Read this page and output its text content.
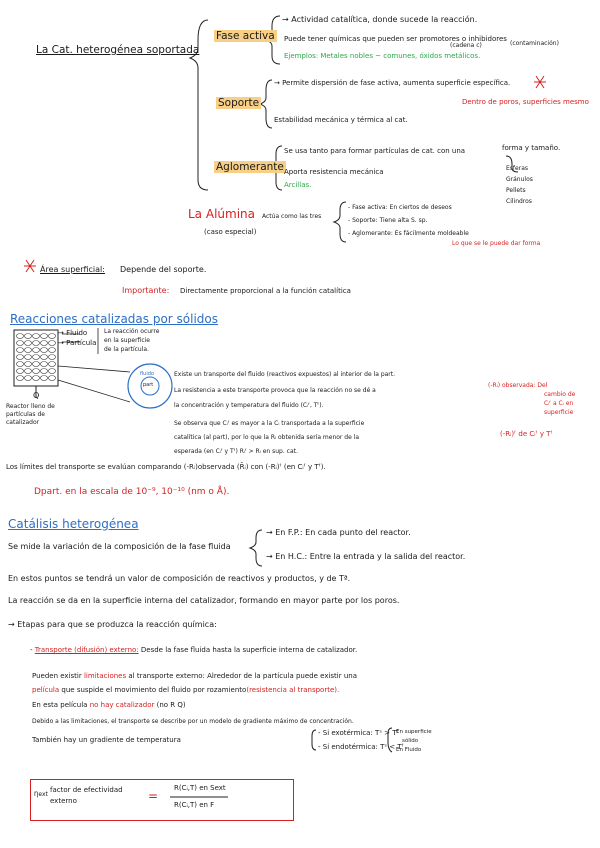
La Cat. heterogénea soportada
Fase activa
→ Actividad catalítica, donde sucede la reacción.
Puede tener químicas que pueden ser promotores o inhibidores
(cadena c)	(contaminación)
Ejemplos: Metales nobles ~ comunes, óxidos metálicos.
Soporte
→ Permite dispersión de fase activa, aumenta superficie específica.
Dentro de poros, superficies mesmo
Estabilidad mecánica y térmica al cat.
Aglomerante
Se usa tanto para formar partículas de cat. con una	forma y tamaño.
Aporta resistencia mecánica
Arcillas.
Esferas
Gránulos
Pellets
Cilindros
La Alúmina Actúa como las tres
(caso especial)
- Fase activa: En ciertos de deseos
- Soporte: Tiene alta S. sp.
- Aglomerante: Es fácilmente moldeable
Lo que se le puede dar forma
Área superficial: Depende del soporte.
Importante: Directamente proporcional a la función catalítica
Reacciones catalizadas por sólidos
→ Fluido
→ Partícula
La reacción ocurre
en la superficie
de la partícula.
Q
Reactor lleno de
partículas de
catalizador
fluido
part
Existe un transporte del fluido (reactivos expuestos) al interior de la part.
La resistencia a este transporte provoca que la reacción no se dé a
la concentración y temperatura del fluido (Cᵢᶠ, Tᶠ).
Se observa que Cᵢᶠ es mayor a la Cᵢ transportada a la superficie
catalítica (al part), por lo que la Rᵢ obtenida sería menor de la
esperada (en Cᵢᶠ y Tᶠ) Rᵢᶠ > Rᵢ en sup. cat.
(-Rᵢ) observada: Del
cambio de
Cᵢᶠ a Cᵢ en
superficie
(-Rᵢ)ᶠ de Cᵢᶠ y Tᶠ
Los límites del transporte se evalúan comparando (-Rᵢ)observada (R̄ᵢ) con (-Rᵢ)ᶠ (en Cᵢᶠ y Tᶠ).
Dpart. en la escala de 10⁻⁹, 10⁻¹⁰ (nm o Å).
Catálisis heterogénea
Se mide la variación de la composición de la fase fluida
→ En F.P.: En cada punto del reactor.
→ En H.C.: Entre la entrada y la salida del reactor.
En estos puntos se tendrá un valor de composición de reactivos y productos, y de Tª.
La reacción se da en la superficie interna del catalizador, formando en mayor parte por los poros.
→ Etapas para que se produzca la reacción química:
- Transporte (difusión) externo: Desde la fase fluida hasta la superficie interna de catalizador.
Pueden existir limitaciones al transporte externo: Alrededor de la partícula puede existir una
película que suspide el movimiento del fluido por rozamiento(resistencia al transporte).
En esta película no hay catalizador (no R Q)
Debido a las limitaciones, el transporte se describe por un modelo de gradiente máximo de concentración.
También hay un gradiente de temperatura
- Si exotérmica: Tˢ > Tᶠ
- Si endotérmica: Tˢ < Tᶠ
En superficie
sólido
En Fluido
Ƞext
factor de efectividad
externo	=
R(Cᵢ,T) en Sext
R(Cᵢ,T) en F
